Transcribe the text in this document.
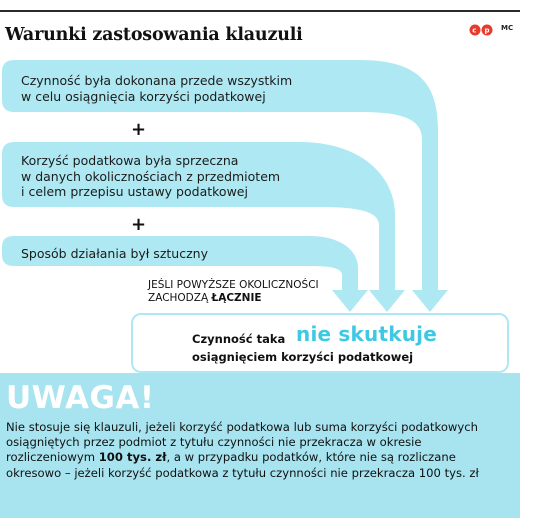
Warunki zastosowania klauzuli	c p MC
Czynność była dokonana przede wszystkim
w celu osiągnięcia korzyści podatkowej
+
Korzyść podatkowa była sprzeczna
w danych okolicznościach z przedmiotem
i celem przepisu ustawy podatkowej
+
Sposób działania był sztuczny
JEŚLI POWYŻSZE OKOLICZNOŚCI
ZACHODZĄ ŁĄCZNIE
Czynność taka nie skutkuje
osiągnięciem korzyści podatkowej
UWAGA!
Nie stosuje się klauzuli, jeżeli korzyść podatkowa lub suma korzyści podatkowych osiągniętych przez podmiot z tytułu czynności nie przekracza w okresie rozliczeniowym 100 tys. zł, a w przypadku podatków, które nie są rozliczane okresowo – jeżeli korzyść podatkowa z tytułu czynności nie przekracza 100 tys. zł
